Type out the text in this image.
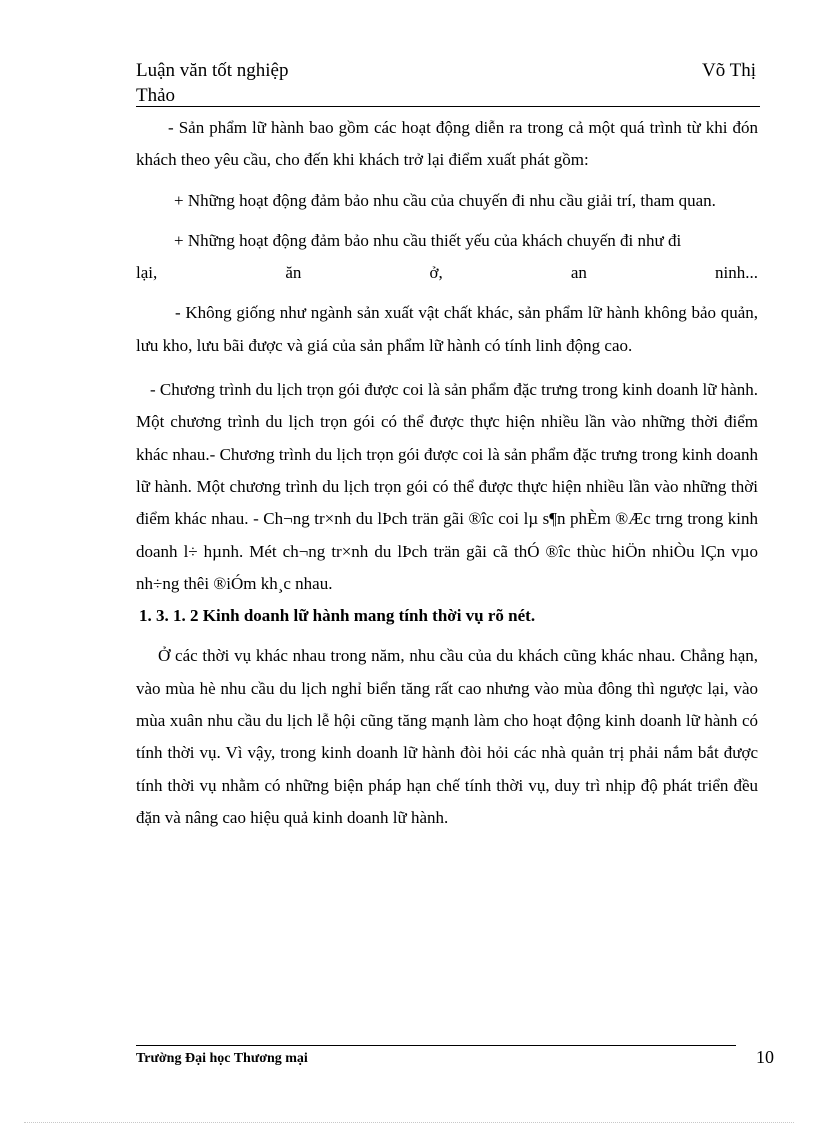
Luận văn tốt nghiệp
Thảo
Võ Thị

- Sản phẩm lữ hành bao gồm các hoạt động diễn ra trong cả một quá trình từ khi đón khách theo yêu cầu, cho đến khi khách trở lại điểm xuất phát gồm:

+ Những hoạt động đảm bảo nhu cầu của chuyến đi nhu cầu giải trí, tham quan.

+ Những hoạt động đảm bảo nhu cầu thiết yếu của khách chuyến đi như đi

lại,	ăn	ở,	an	ninh...

- Không giống như ngành sản xuất vật chất khác, sản phẩm lữ hành không bảo quản, lưu kho, lưu bãi được và giá của sản phẩm lữ hành có tính linh động cao.

- Chương trình du lịch trọn gói được coi là sản phẩm đặc trưng trong kinh doanh lữ hành. Một chương trình du lịch trọn gói có thể được thực hiện nhiều lần vào những thời điểm khác nhau.- Chương trình du lịch trọn gói được coi là sản phẩm đặc trưng trong kinh doanh lữ hành. Một chương trình du lịch trọn gói có thể được thực hiện nhiều lần vào những thời điểm khác nhau. - Ch¬ng tr×nh du lÞch trän gãi ®îc coi lµ s¶n phÈm ®Æc trng trong kinh doanh l÷ hµnh. Mét ch¬ng tr×nh du lÞch trän gãi cã thÓ ®îc thùc hiÖn nhiÒu lÇn vµo nh÷ng thêi ®iÓm kh¸c nhau.

1. 3. 1. 2 Kinh doanh lữ hành mang tính thời vụ rõ nét.

Ở các thời vụ khác nhau trong năm, nhu cầu của du khách cũng khác nhau. Chẳng hạn, vào mùa hè nhu cầu du lịch nghỉ biển tăng rất cao nhưng vào mùa đông thì ngược lại, vào mùa xuân nhu cầu du lịch lễ hội cũng tăng mạnh làm cho hoạt động kinh doanh lữ hành có tính thời vụ. Vì vậy, trong kinh doanh lữ hành đòi hỏi các nhà quản trị phải nắm bắt được tính thời vụ nhằm có những biện pháp hạn chế tính thời vụ, duy trì nhịp độ phát triển đều đặn và nâng cao hiệu quả kinh doanh lữ hành.

Trường Đại học Thương mại	10
